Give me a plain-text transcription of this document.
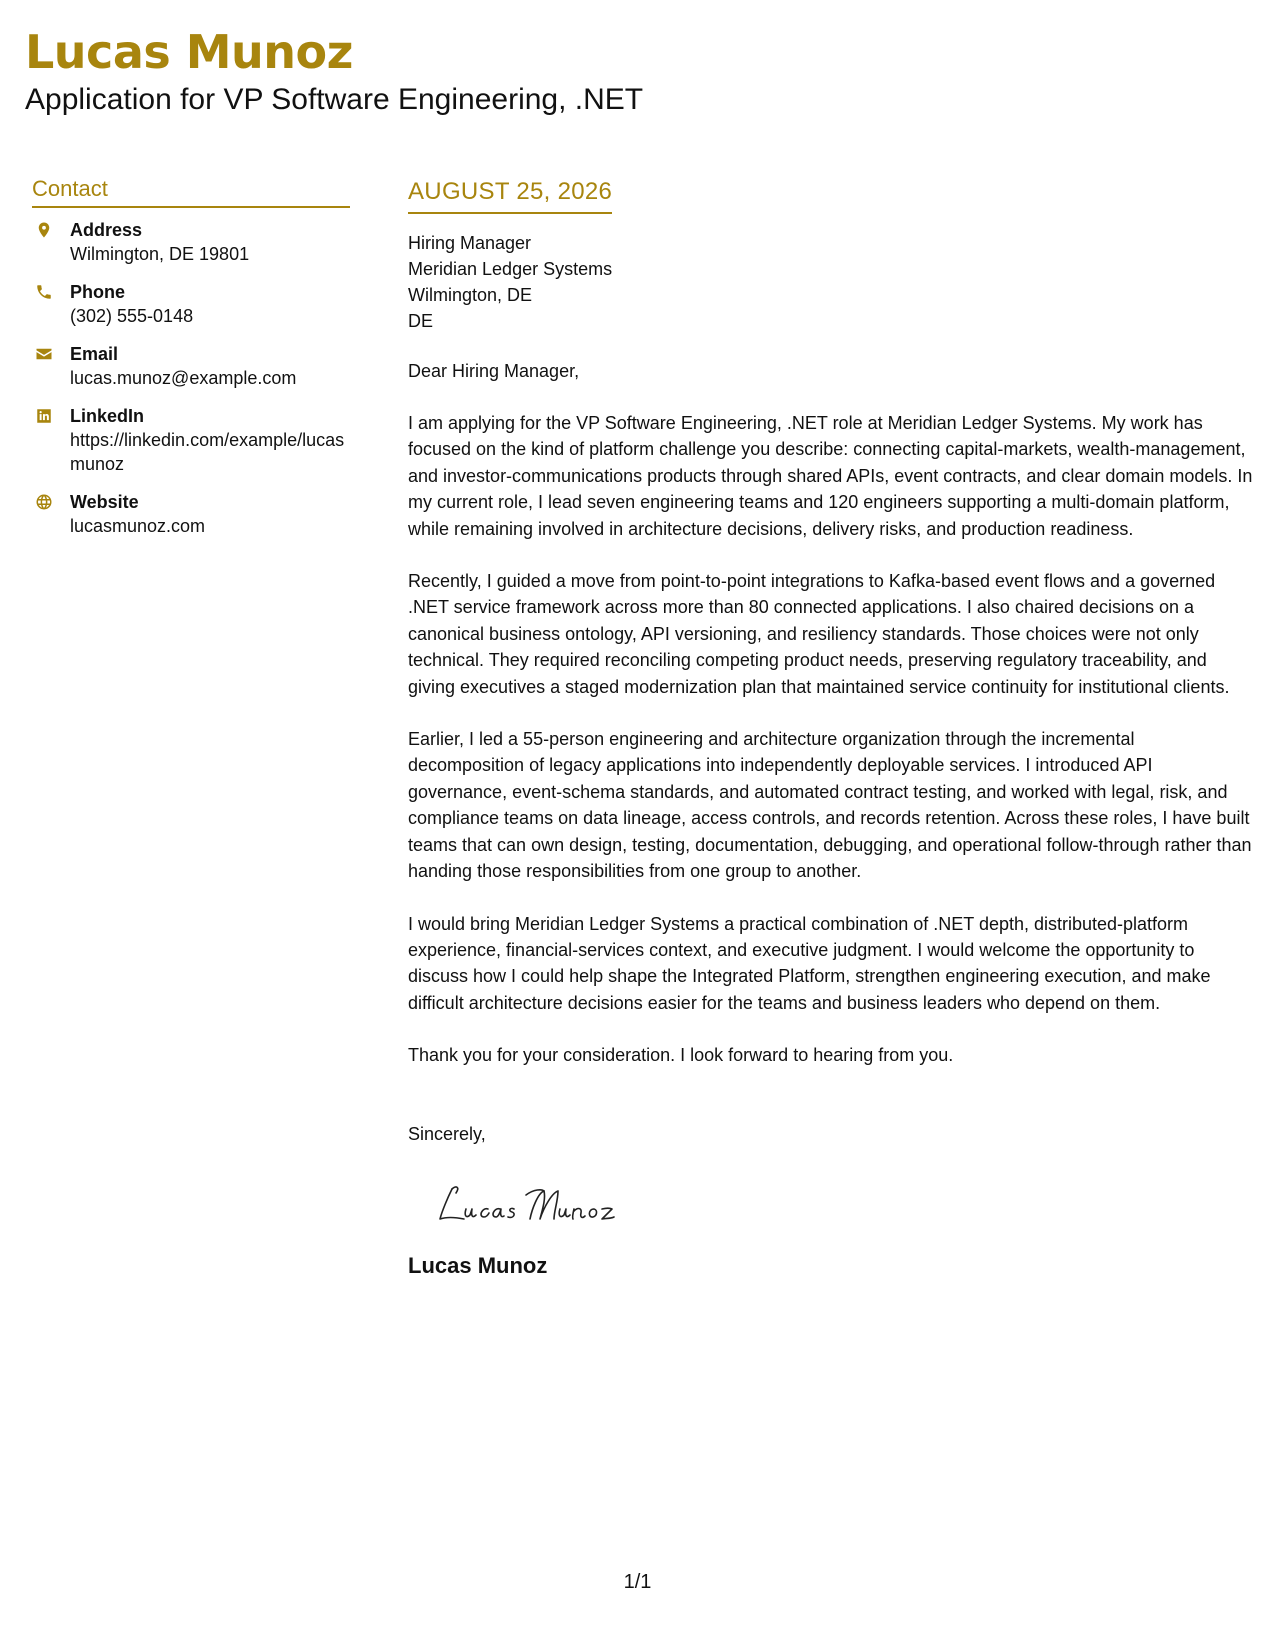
Lucas Munoz
Application for VP Software Engineering, .NET
Contact
Address
Wilmington, DE 19801
Phone
(302) 555-0148
Email
lucas.munoz@example.com
LinkedIn
https://linkedin.com/example/lucasmunoz
Website
lucasmunoz.com
AUGUST 25, 2026
Hiring Manager
Meridian Ledger Systems
Wilmington, DE
DE

Dear Hiring Manager,

I am applying for the VP Software Engineering, .NET role at Meridian Ledger Systems. My work has focused on the kind of platform challenge you describe: connecting capital-markets, wealth-management, and investor-communications products through shared APIs, event contracts, and clear domain models. In my current role, I lead seven engineering teams and 120 engineers supporting a multi-domain platform, while remaining involved in architecture decisions, delivery risks, and production readiness.

Recently, I guided a move from point-to-point integrations to Kafka-based event flows and a governed .NET service framework across more than 80 connected applications. I also chaired decisions on a canonical business ontology, API versioning, and resiliency standards. Those choices were not only technical. They required reconciling competing product needs, preserving regulatory traceability, and giving executives a staged modernization plan that maintained service continuity for institutional clients.

Earlier, I led a 55-person engineering and architecture organization through the incremental decomposition of legacy applications into independently deployable services. I introduced API governance, event-schema standards, and automated contract testing, and worked with legal, risk, and compliance teams on data lineage, access controls, and records retention. Across these roles, I have built teams that can own design, testing, documentation, debugging, and operational follow-through rather than handing those responsibilities from one group to another.

I would bring Meridian Ledger Systems a practical combination of .NET depth, distributed-platform experience, financial-services context, and executive judgment. I would welcome the opportunity to discuss how I could help shape the Integrated Platform, strengthen engineering execution, and make difficult architecture decisions easier for the teams and business leaders who depend on them.

Thank you for your consideration. I look forward to hearing from you.

Sincerely,
Lucas Munoz
1/1
